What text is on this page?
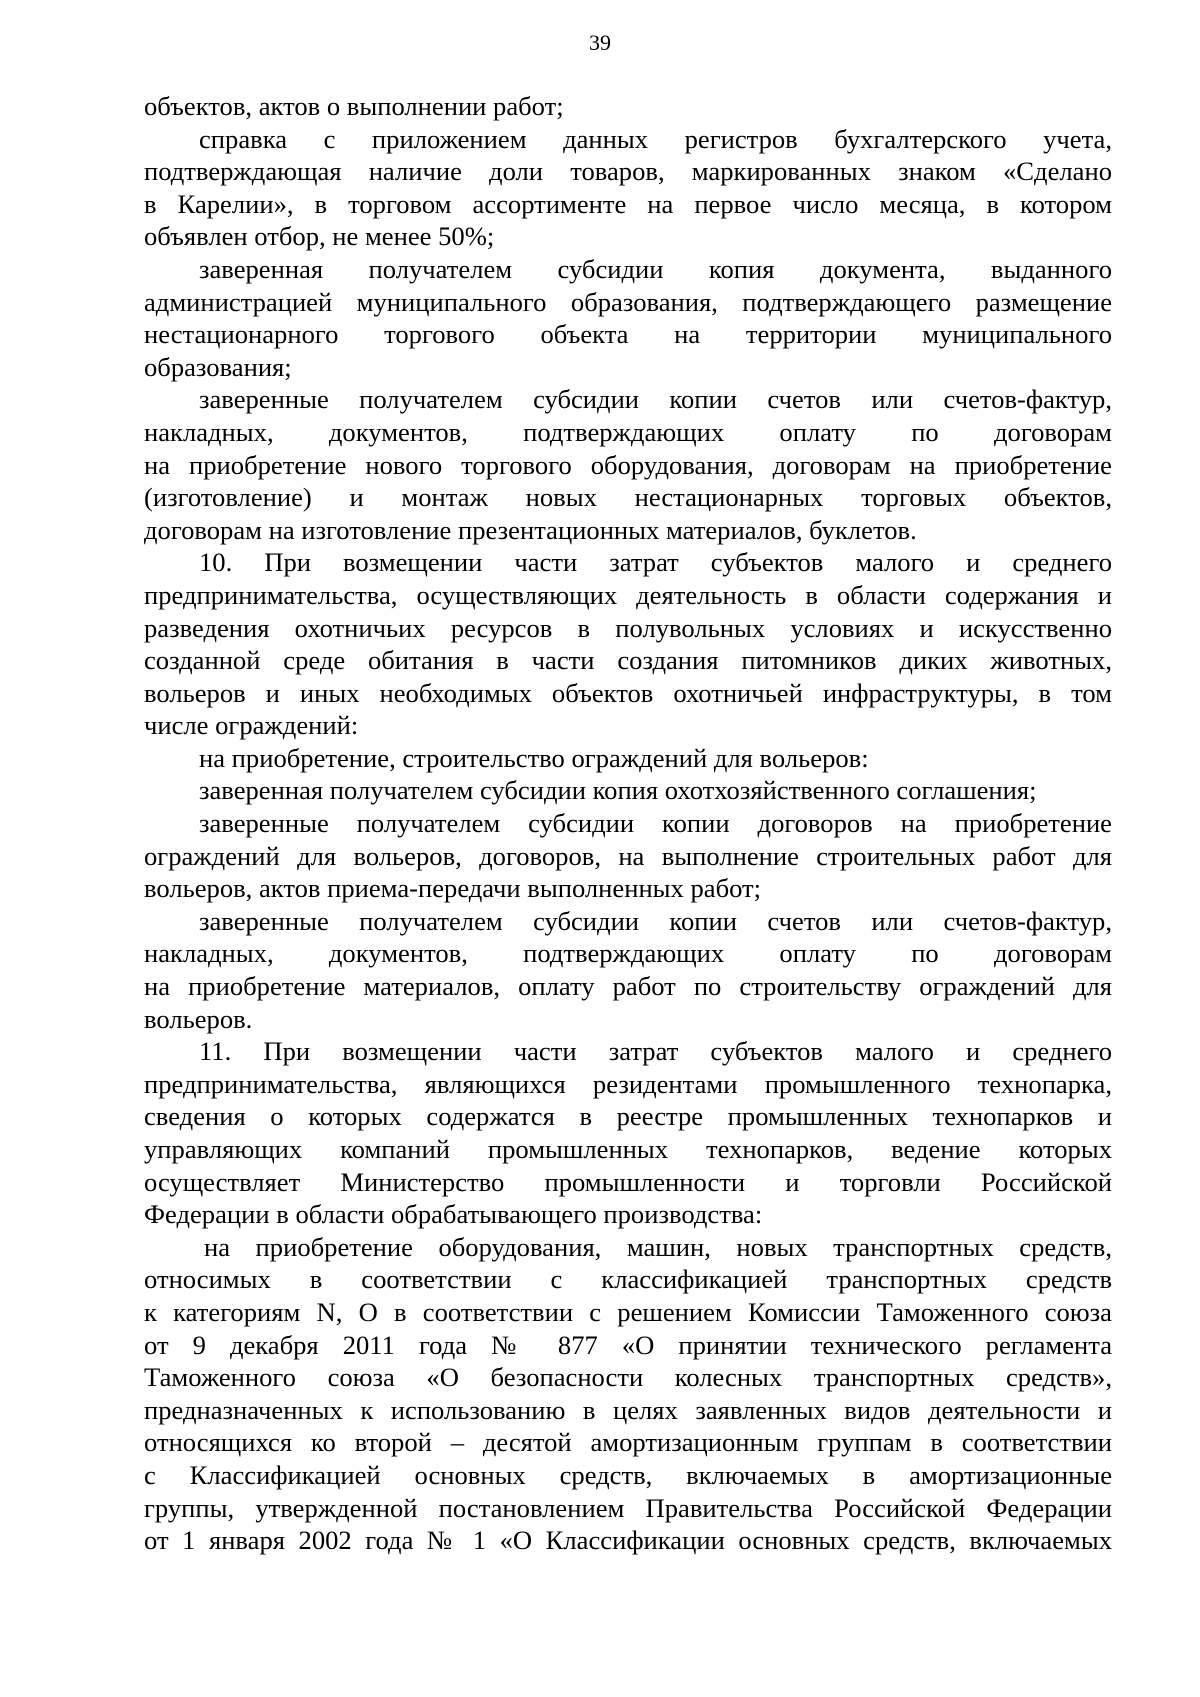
39
объектов, актов о выполнении работ;
справка с приложением данных регистров бухгалтерского учета,
подтверждающая наличие доли товаров, маркированных знаком «Сделано
в Карелии», в торговом ассортименте на первое число месяца, в котором
объявлен отбор, не менее 50%;
заверенная получателем субсидии копия документа, выданного
администрацией муниципального образования, подтверждающего размещение
нестационарного торгового объекта на территории муниципального
образования;
заверенные получателем субсидии копии счетов или счетов-фактур,
накладных, документов, подтверждающих оплату по договорам
на приобретение нового торгового оборудования, договорам на приобретение
(изготовление) и монтаж новых нестационарных торговых объектов,
договорам на изготовление презентационных материалов, буклетов.
10. При возмещении части затрат субъектов малого и среднего
предпринимательства, осуществляющих деятельность в области содержания и
разведения охотничьих ресурсов в полувольных условиях и искусственно
созданной среде обитания в части создания питомников диких животных,
вольеров и иных необходимых объектов охотничьей инфраструктуры, в том
числе ограждений:
на приобретение, строительство ограждений для вольеров:
заверенная получателем субсидии копия охотхозяйственного соглашения;
заверенные получателем субсидии копии договоров на приобретение
ограждений для вольеров, договоров, на выполнение строительных работ для
вольеров, актов приема-передачи выполненных работ;
заверенные получателем субсидии копии счетов или счетов-фактур,
накладных, документов, подтверждающих оплату по договорам
на приобретение материалов, оплату работ по строительству ограждений для
вольеров.
11. При возмещении части затрат субъектов малого и среднего
предпринимательства, являющихся резидентами промышленного технопарка,
сведения о которых содержатся в реестре промышленных технопарков и
управляющих компаний промышленных технопарков, ведение которых
осуществляет Министерство промышленности и торговли Российской
Федерации в области обрабатывающего производства:
на приобретение оборудования, машин, новых транспортных средств,
относимых в соответствии с классификацией транспортных средств
к категориям N, O в соответствии с решением Комиссии Таможенного союза
от 9 декабря 2011 года № 877 «О принятии технического регламента
Таможенного союза «О безопасности колесных транспортных средств»,
предназначенных к использованию в целях заявленных видов деятельности и
относящихся ко второй – десятой амортизационным группам в соответствии
с Классификацией основных средств, включаемых в амортизационные
группы, утвержденной постановлением Правительства Российской Федерации
от 1 января 2002 года № 1 «О Классификации основных средств, включаемых
